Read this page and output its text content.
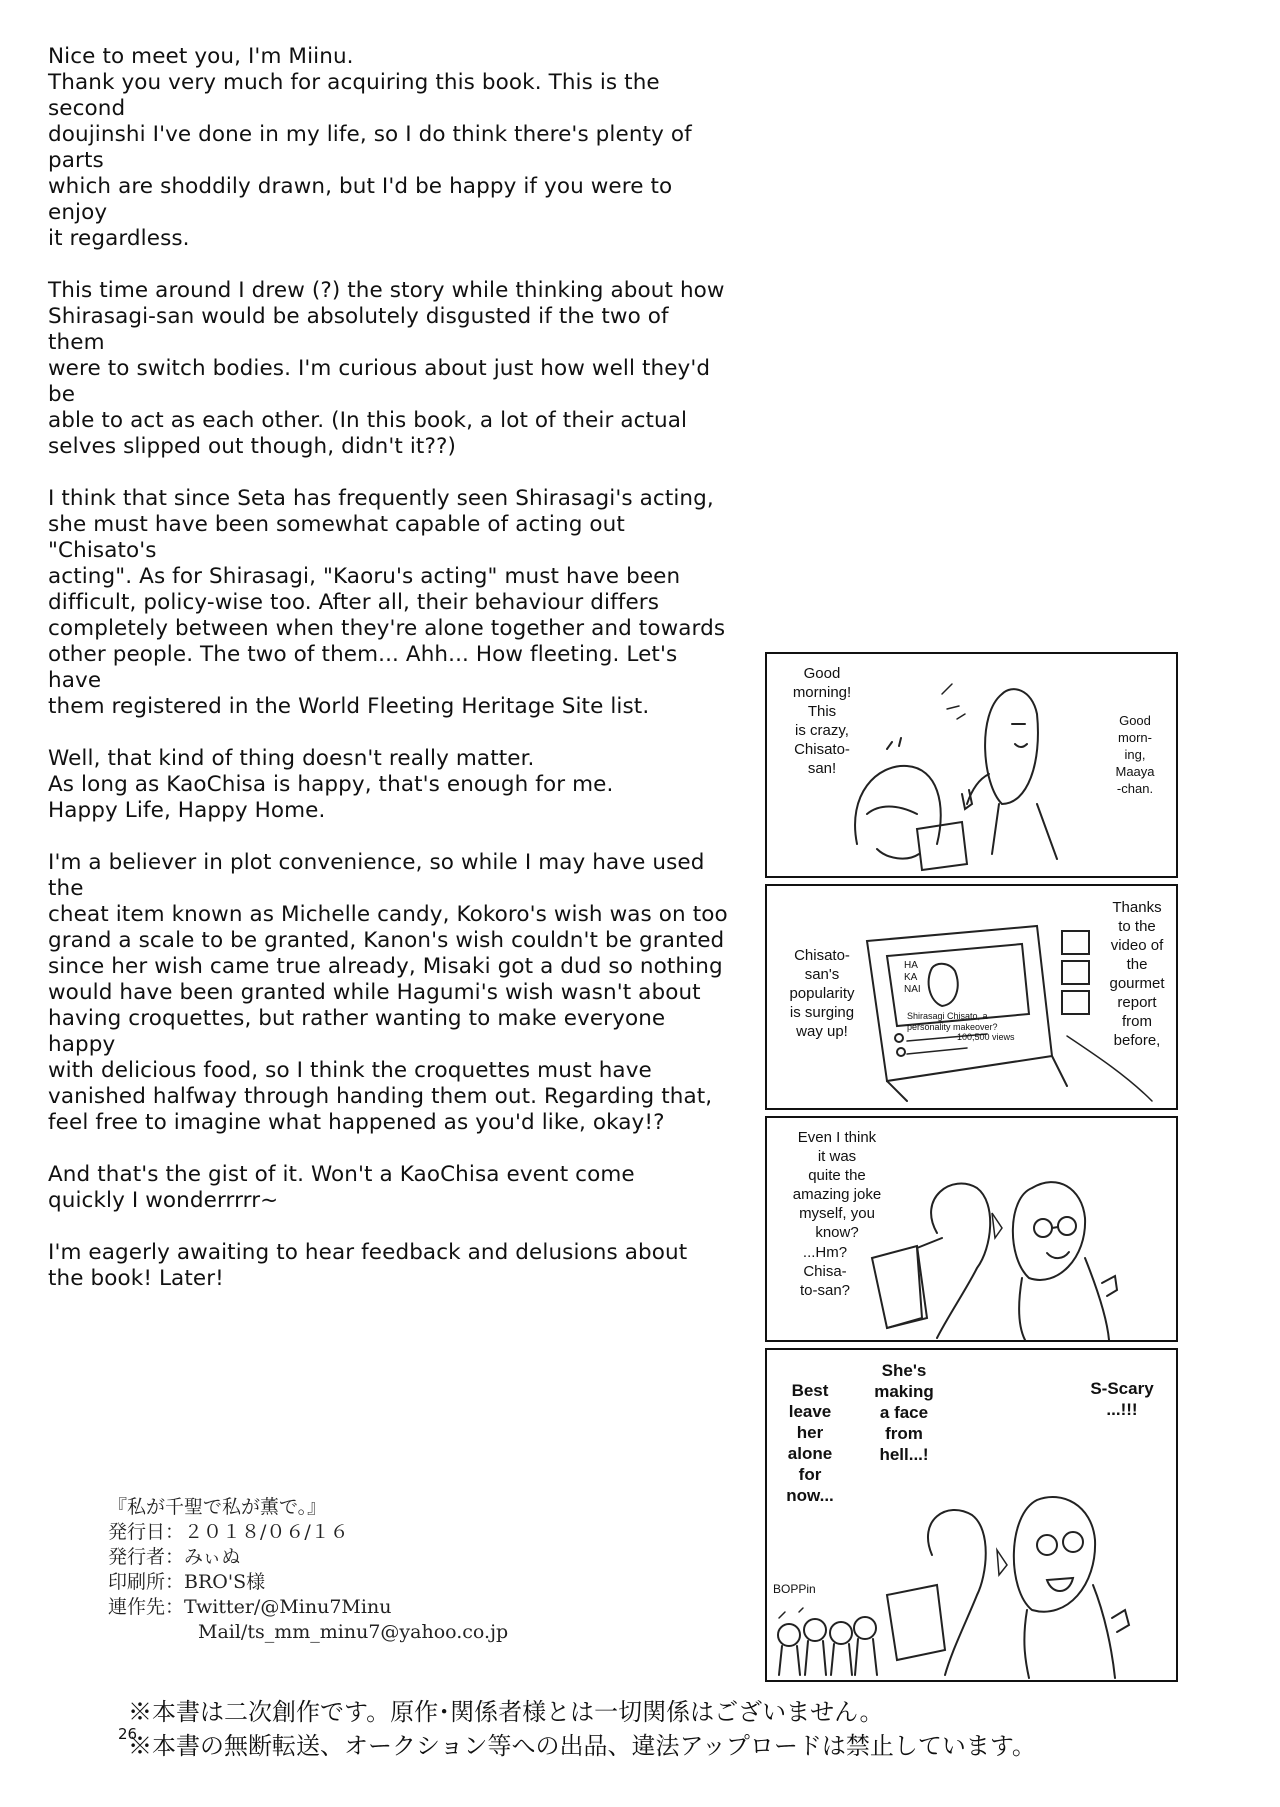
Nice to meet you, I'm Miinu.
Thank you very much for acquiring this book. This is the second
doujinshi I've done in my life, so I do think there's plenty of parts
which are shoddily drawn, but I'd be happy if you were to enjoy
it regardless.

This time around I drew (?) the story while thinking about how
Shirasagi-san would be absolutely disgusted if the two of them
were to switch bodies. I'm curious about just how well they'd be
able to act as each other. (In this book, a lot of their actual
selves slipped out though, didn't it??)

I think that since Seta has frequently seen Shirasagi's acting,
she must have been somewhat capable of acting out "Chisato's
acting". As for Shirasagi, "Kaoru's acting" must have been
difficult, policy-wise too. After all, their behaviour differs
completely between when they're alone together and towards
other people. The two of them... Ahh... How fleeting. Let's have
them registered in the World Fleeting Heritage Site list.

Well, that kind of thing doesn't really matter.
As long as KaoChisa is happy, that's enough for me.
Happy Life, Happy Home.

I'm a believer in plot convenience, so while I may have used the
cheat item known as Michelle candy, Kokoro's wish was on too
grand a scale to be granted, Kanon's wish couldn't be granted
since her wish came true already, Misaki got a dud so nothing
would have been granted while Hagumi's wish wasn't about
having croquettes, but rather wanting to make everyone happy
with delicious food, so I think the croquettes must have
vanished halfway through handing them out. Regarding that,
feel free to imagine what happened as you'd like, okay!?

And that's the gist of it. Won't a KaoChisa event come
quickly I wonderrrrr~

I'm eagerly awaiting to hear feedback and delusions about
the book! Later!

Good
morning!
This
is crazy,
Chisato-
san!
Good
morn-
ing,
Maaya
-chan.
Chisato-
san's
popularity
is surging
way up!
Thanks
to the
video of
the
gourmet
report
from
before,
HA
KA
NAI
Shirasagi Chisato, a
personality makeover?
100,500 views
Even I think
it was
quite the
amazing joke
myself, you
know?
...Hm?
Chisa-
to-san?
Best
leave
her
alone
for
now...
She's
making
a face
from
hell...!
S-Scary
...!!!
BOPPin
『私が千聖で私が薫で。』
発行日：２０１８/０６/１６
発行者：みぃぬ
印刷所：BRO'S様
連作先：Twitter/@Minu7Minu
Mail/ts_mm_minu7@yahoo.co.jp
※本書は二次創作です。原作･関係者様とは一切関係はございません。
※本書の無断転送、オークション等への出品、違法アップロードは禁止しています。
26
